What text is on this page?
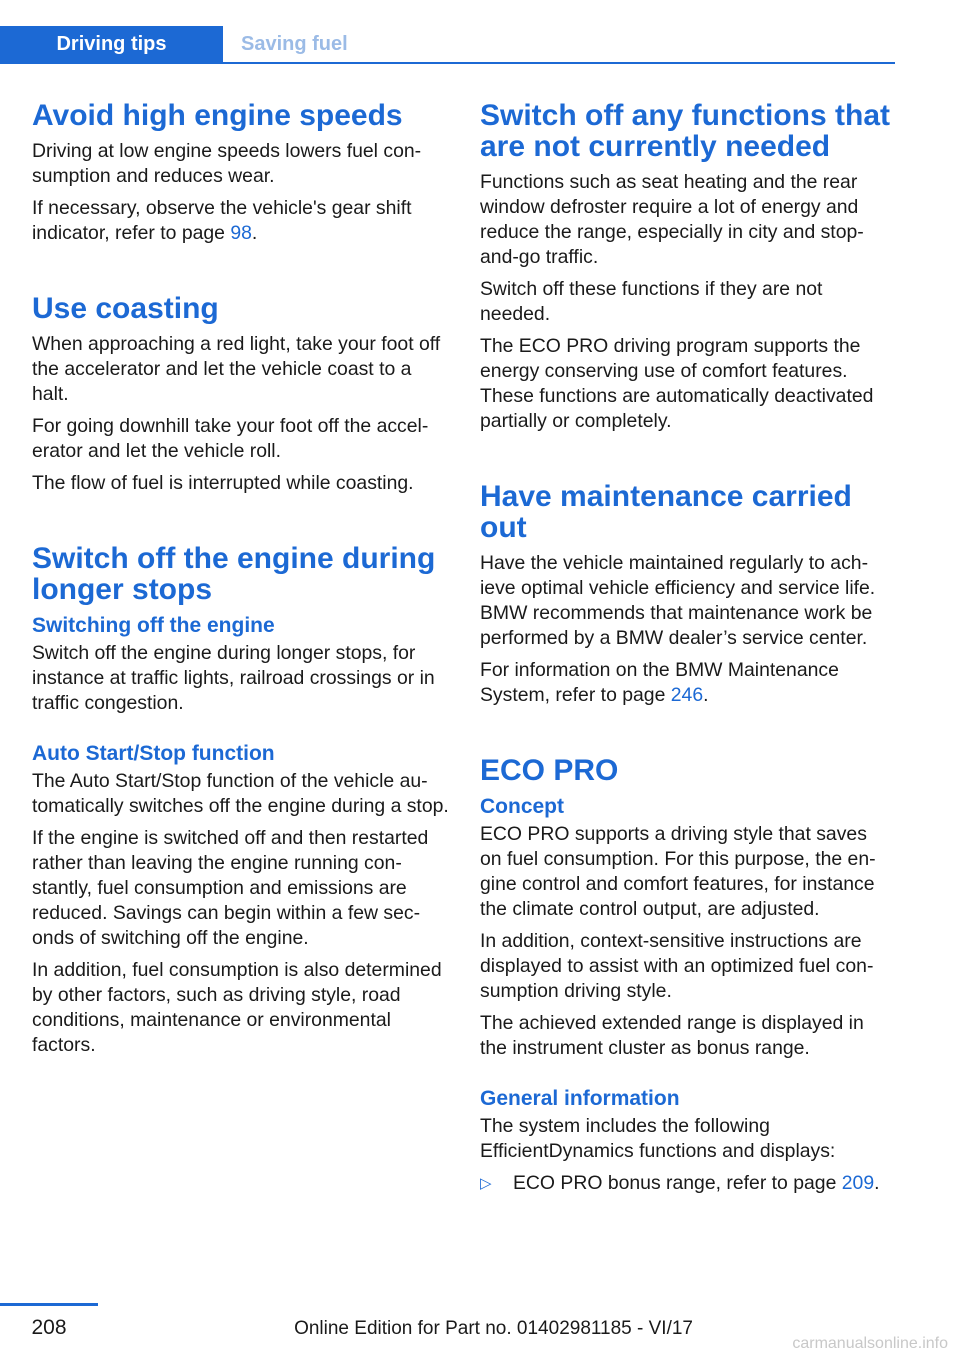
Driving tips	Saving fuel
Avoid high engine speeds

Driving at low engine speeds lowers fuel consumption and reduces wear.

If necessary, observe the vehicle's gear shift indicator, refer to page 98.

Use coasting

When approaching a red light, take your foot off the accelerator and let the vehicle coast to a halt.

For going downhill take your foot off the accelerator and let the vehicle roll.

The flow of fuel is interrupted while coasting.

Switch off the engine during longer stops
Switching off the engine

Switch off the engine during longer stops, for instance at traffic lights, railroad crossings or in traffic congestion.

Auto Start/Stop function

The Auto Start/Stop function of the vehicle automatically switches off the engine during a stop.

If the engine is switched off and then restarted rather than leaving the engine running constantly, fuel consumption and emissions are reduced. Savings can begin within a few seconds of switching off the engine.

In addition, fuel consumption is also determined by other factors, such as driving style, road conditions, maintenance or environmental factors.

Switch off any functions that are not currently needed

Functions such as seat heating and the rear window defroster require a lot of energy and reduce the range, especially in city and stop-and-go traffic.

Switch off these functions if they are not needed.

The ECO PRO driving program supports the energy conserving use of comfort features. These functions are automatically deactivated partially or completely.

Have maintenance carried out

Have the vehicle maintained regularly to achieve optimal vehicle efficiency and service life. BMW recommends that maintenance work be performed by a BMW dealer’s service center.

For information on the BMW Maintenance System, refer to page 246.

ECO PRO
Concept

ECO PRO supports a driving style that saves on fuel consumption. For this purpose, the engine control and comfort features, for instance the climate control output, are adjusted.

In addition, context-sensitive instructions are displayed to assist with an optimized fuel consumption driving style.

The achieved extended range is displayed in the instrument cluster as bonus range.

General information

The system includes the following EfficientDynamics functions and displays:

▷	ECO PRO bonus range, refer to page 209.
208	Online Edition for Part no. 01402981185 - VI/17
carmanualsonline.info
